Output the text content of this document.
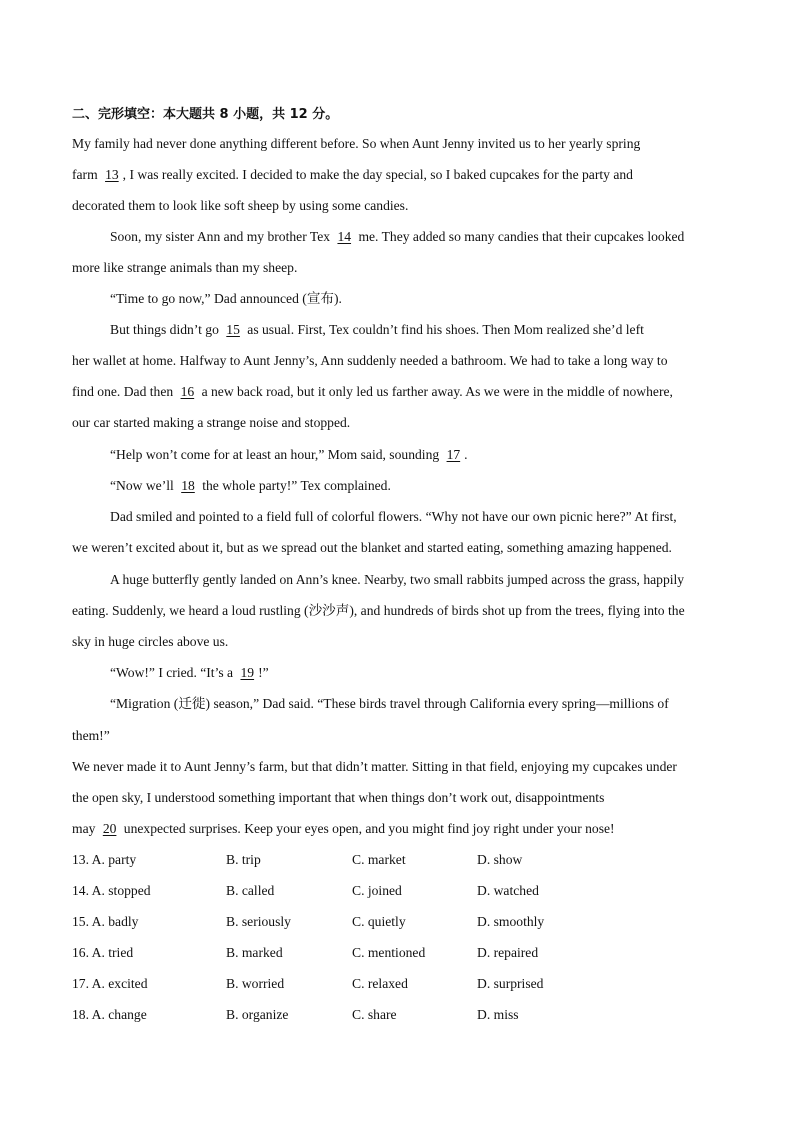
二、完形填空：本大题共 8 小题，共 12 分。
My family had never done anything different before. So when Aunt Jenny invited us to her yearly spring
farm 13 , I was really excited. I decided to make the day special, so I baked cupcakes for the party and
decorated them to look like soft sheep by using some candies.
Soon, my sister Ann and my brother Tex 14 me. They added so many candies that their cupcakes looked
more like strange animals than my sheep.
“Time to go now,” Dad announced (宣布).
But things didn’t go 15 as usual. First, Tex couldn’t find his shoes. Then Mom realized she’d left
her wallet at home. Halfway to Aunt Jenny’s, Ann suddenly needed a bathroom. We had to take a long way to
find one. Dad then 16 a new back road, but it only led us farther away. As we were in the middle of nowhere,
our car started making a strange noise and stopped.
“Help won’t come for at least an hour,” Mom said, sounding 17 .
“Now we’ll 18 the whole party!” Tex complained.
Dad smiled and pointed to a field full of colorful flowers. “Why not have our own picnic here?” At first,
we weren’t excited about it, but as we spread out the blanket and started eating, something amazing happened.
A huge butterfly gently landed on Ann’s knee. Nearby, two small rabbits jumped across the grass, happily
eating. Suddenly, we heard a loud rustling (沙沙声), and hundreds of birds shot up from the trees, flying into the
sky in huge circles above us.
“Wow!” I cried. “It’s a 19 !”
“Migration (迁徙) season,” Dad said. “These birds travel through California every spring—millions of
them!”
We never made it to Aunt Jenny’s farm, but that didn’t matter. Sitting in that field, enjoying my cupcakes under
the open sky, I understood something important that when things don’t work out, disappointments
may 20 unexpected surprises. Keep your eyes open, and you might find joy right under your nose!
13. A. party	B. trip	C. market	D. show
14. A. stopped	B. called	C. joined	D. watched
15. A. badly	B. seriously	C. quietly	D. smoothly
16. A. tried	B. marked	C. mentioned	D. repaired
17. A. excited	B. worried	C. relaxed	D. surprised
18. A. change	B. organize	C. share	D. miss
